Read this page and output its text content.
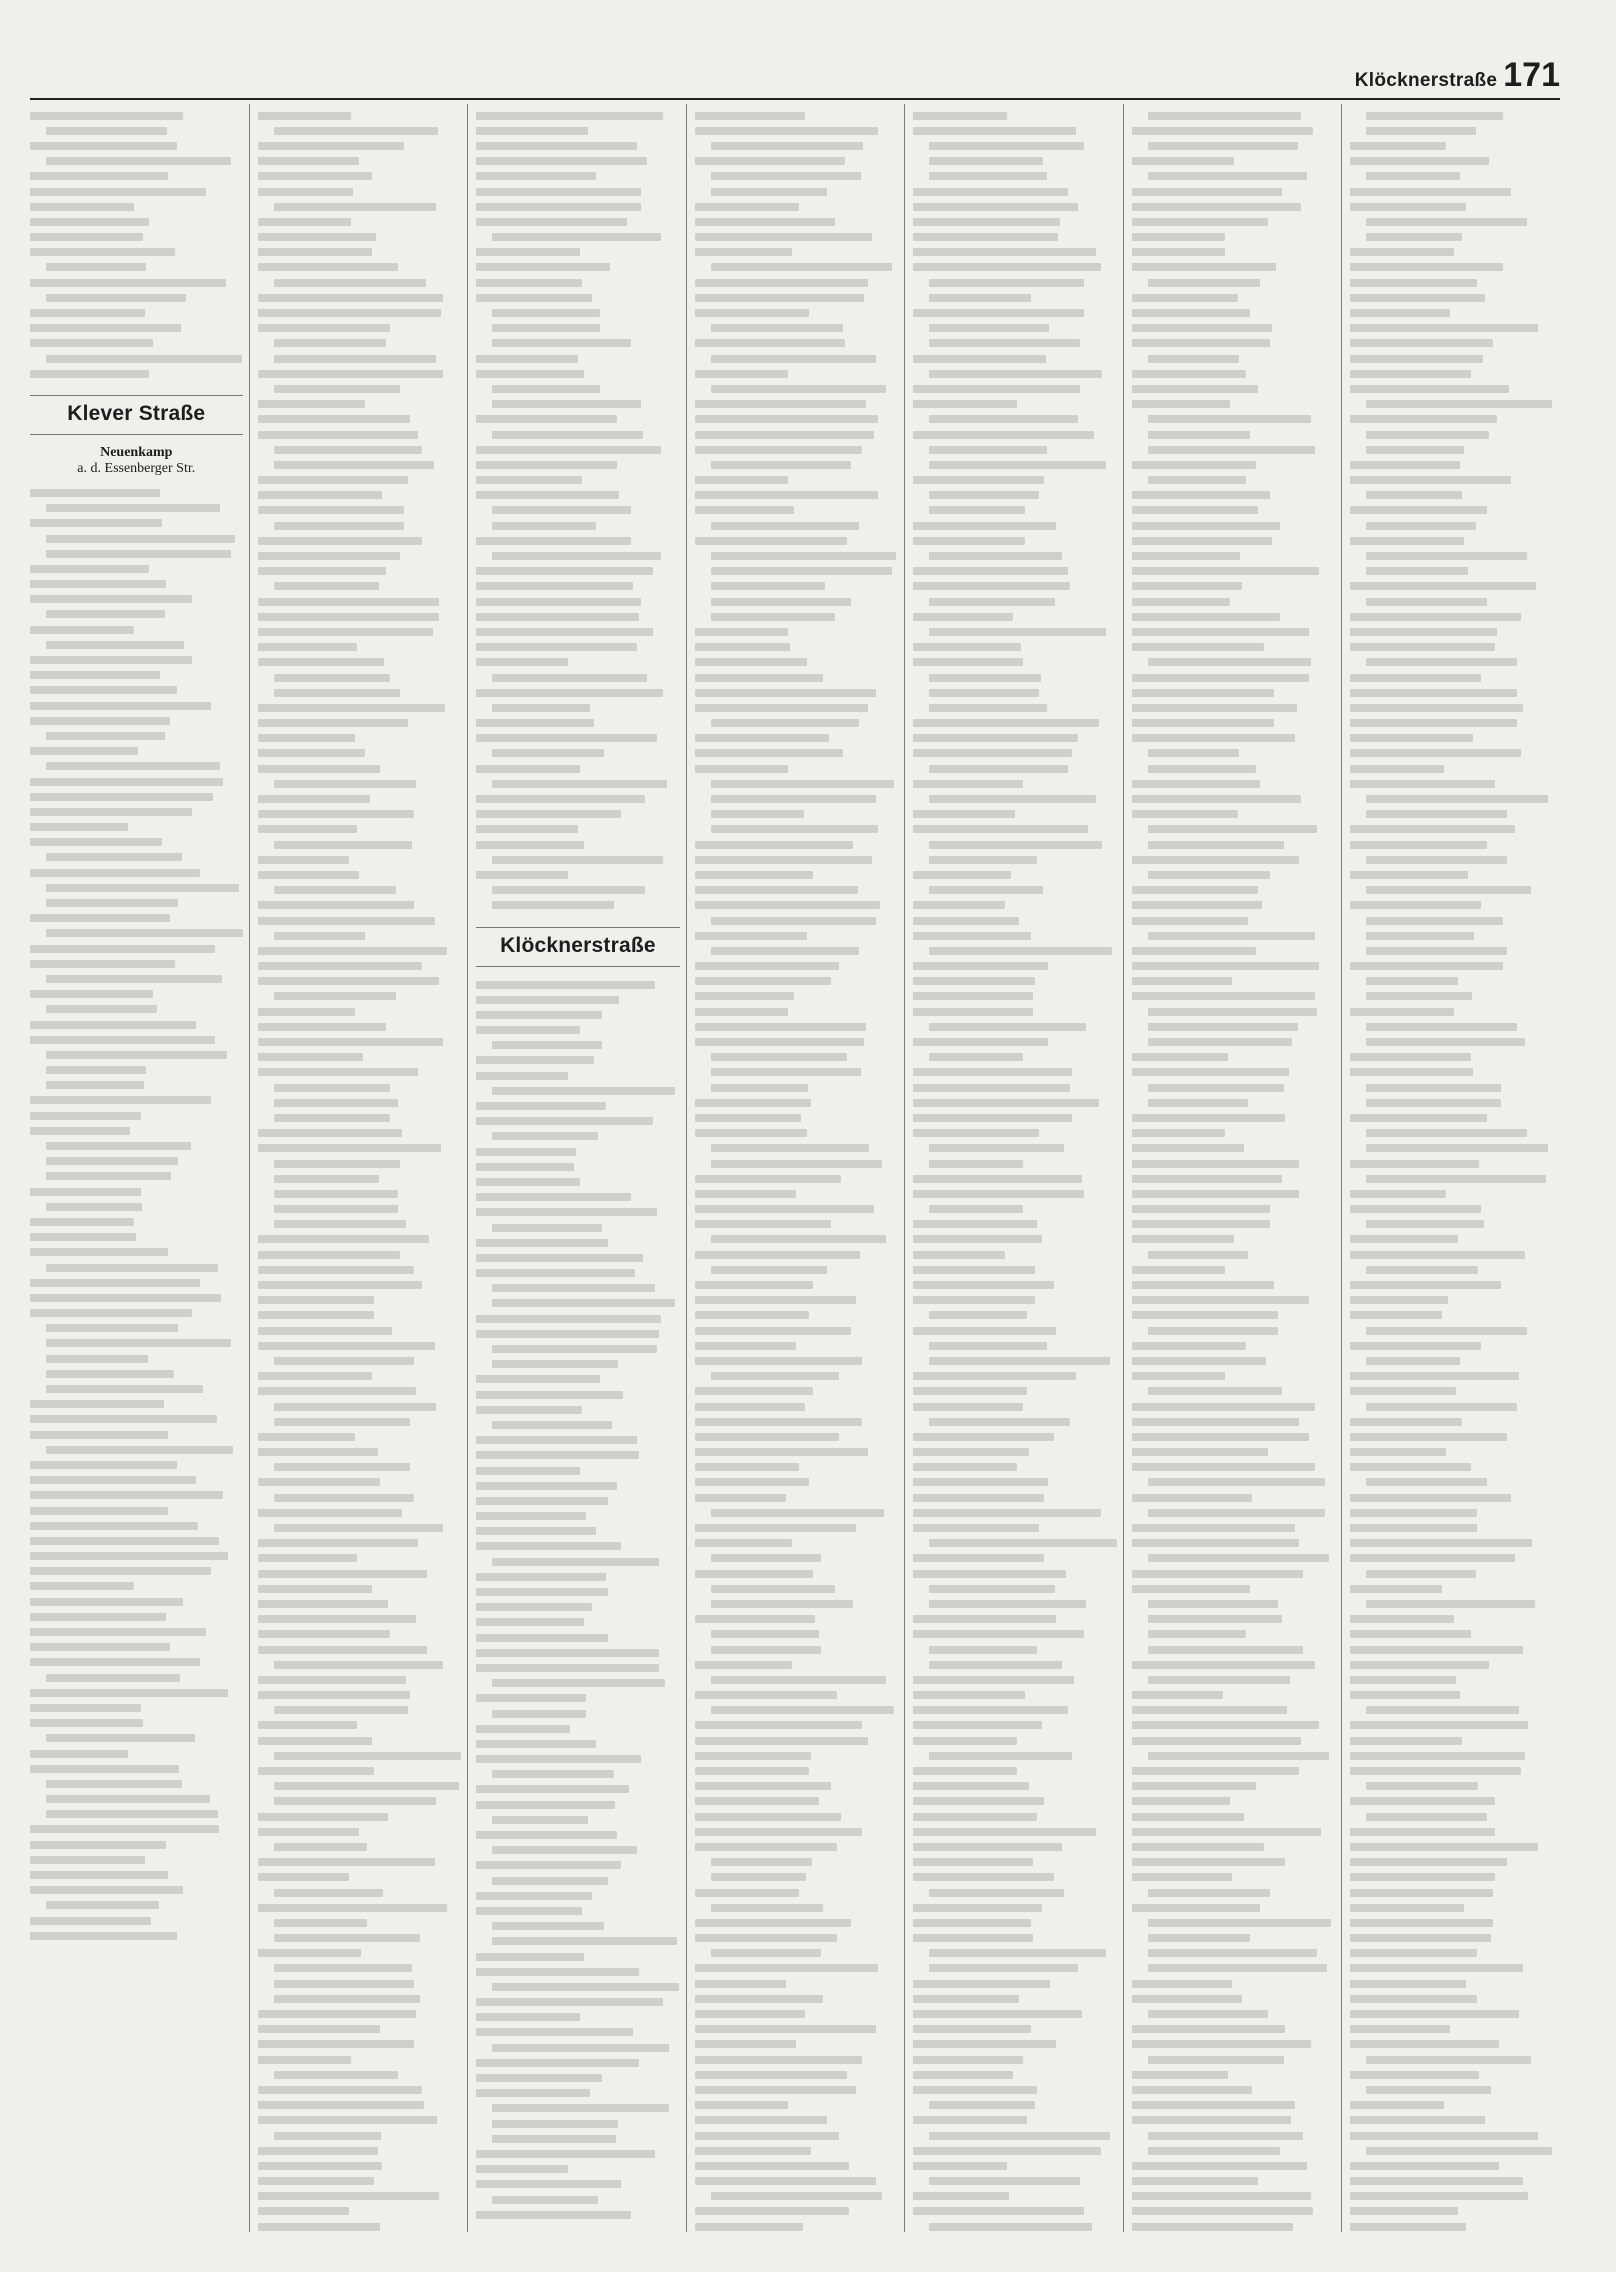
Klöcknerstraße 171
Klever Straße
Neuenkamp
a. d. Essenberger Str.
Klöcknerstraße
